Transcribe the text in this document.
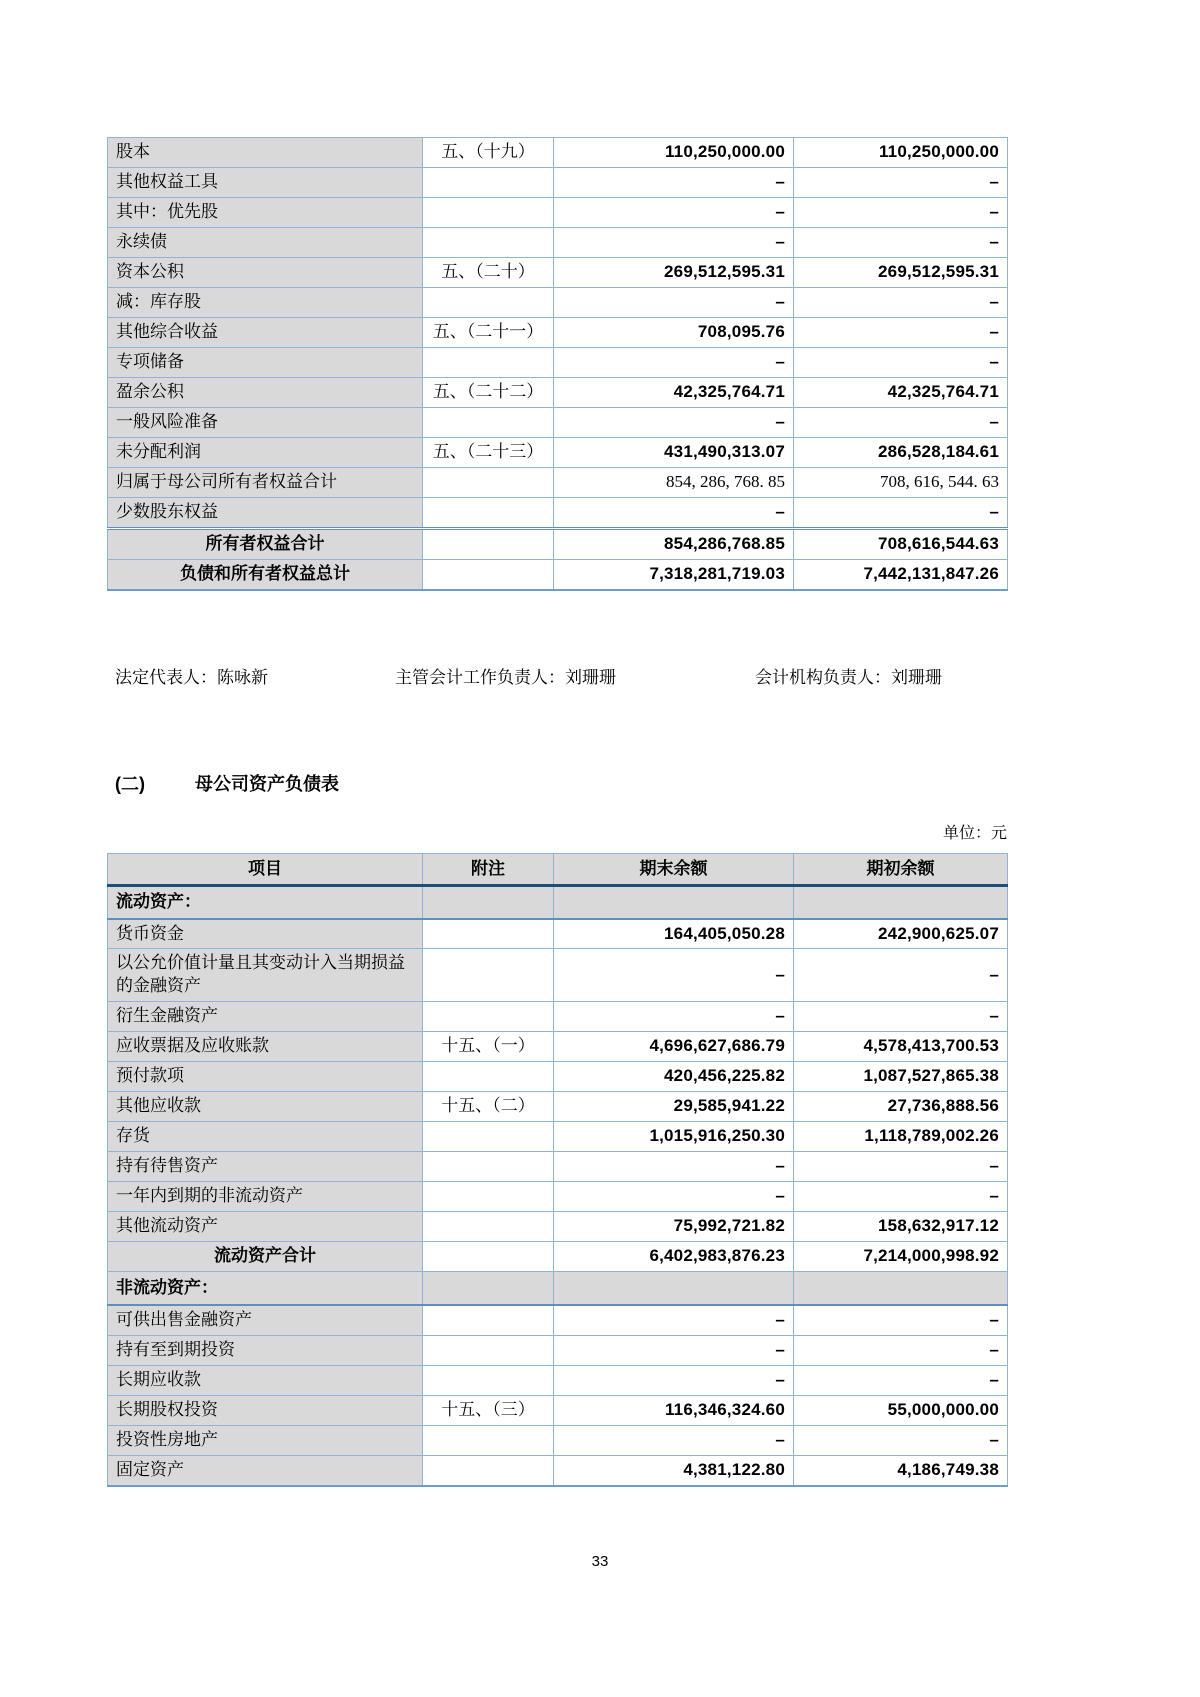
股本	五、（十九）	110,250,000.00	110,250,000.00
其他权益工具		–	–
其中：优先股		–	–
永续债		–	–
资本公积	五、（二十）	269,512,595.31	269,512,595.31
减：库存股		–	–
其他综合收益	五、（二十一）	708,095.76	–
专项储备		–	–
盈余公积	五、（二十二）	42,325,764.71	42,325,764.71
一般风险准备		–	–
未分配利润	五、（二十三）	431,490,313.07	286,528,184.61
归属于母公司所有者权益合计		854, 286, 768. 85	708, 616, 544. 63
少数股东权益		–	–
所有者权益合计		854,286,768.85	708,616,544.63
负债和所有者权益总计		7,318,281,719.03	7,442,131,847.26
法定代表人：陈咏新	主管会计工作负责人：刘珊珊	会计机构负责人：刘珊珊
(二)	母公司资产负债表
单位：元
项目	附注	期末余额	期初余额
流动资产：			
货币资金		164,405,050.28	242,900,625.07
以公允价值计量且其变动计入当期损益的金融资产		–	–
衍生金融资产		–	–
应收票据及应收账款	十五、（一）	4,696,627,686.79	4,578,413,700.53
预付款项		420,456,225.82	1,087,527,865.38
其他应收款	十五、（二）	29,585,941.22	27,736,888.56
存货		1,015,916,250.30	1,118,789,002.26
持有待售资产		–	–
一年内到期的非流动资产		–	–
其他流动资产		75,992,721.82	158,632,917.12
流动资产合计		6,402,983,876.23	7,214,000,998.92
非流动资产：			
可供出售金融资产		–	–
持有至到期投资		–	–
长期应收款		–	–
长期股权投资	十五、（三）	116,346,324.60	55,000,000.00
投资性房地产		–	–
固定资产		4,381,122.80	4,186,749.38
33
